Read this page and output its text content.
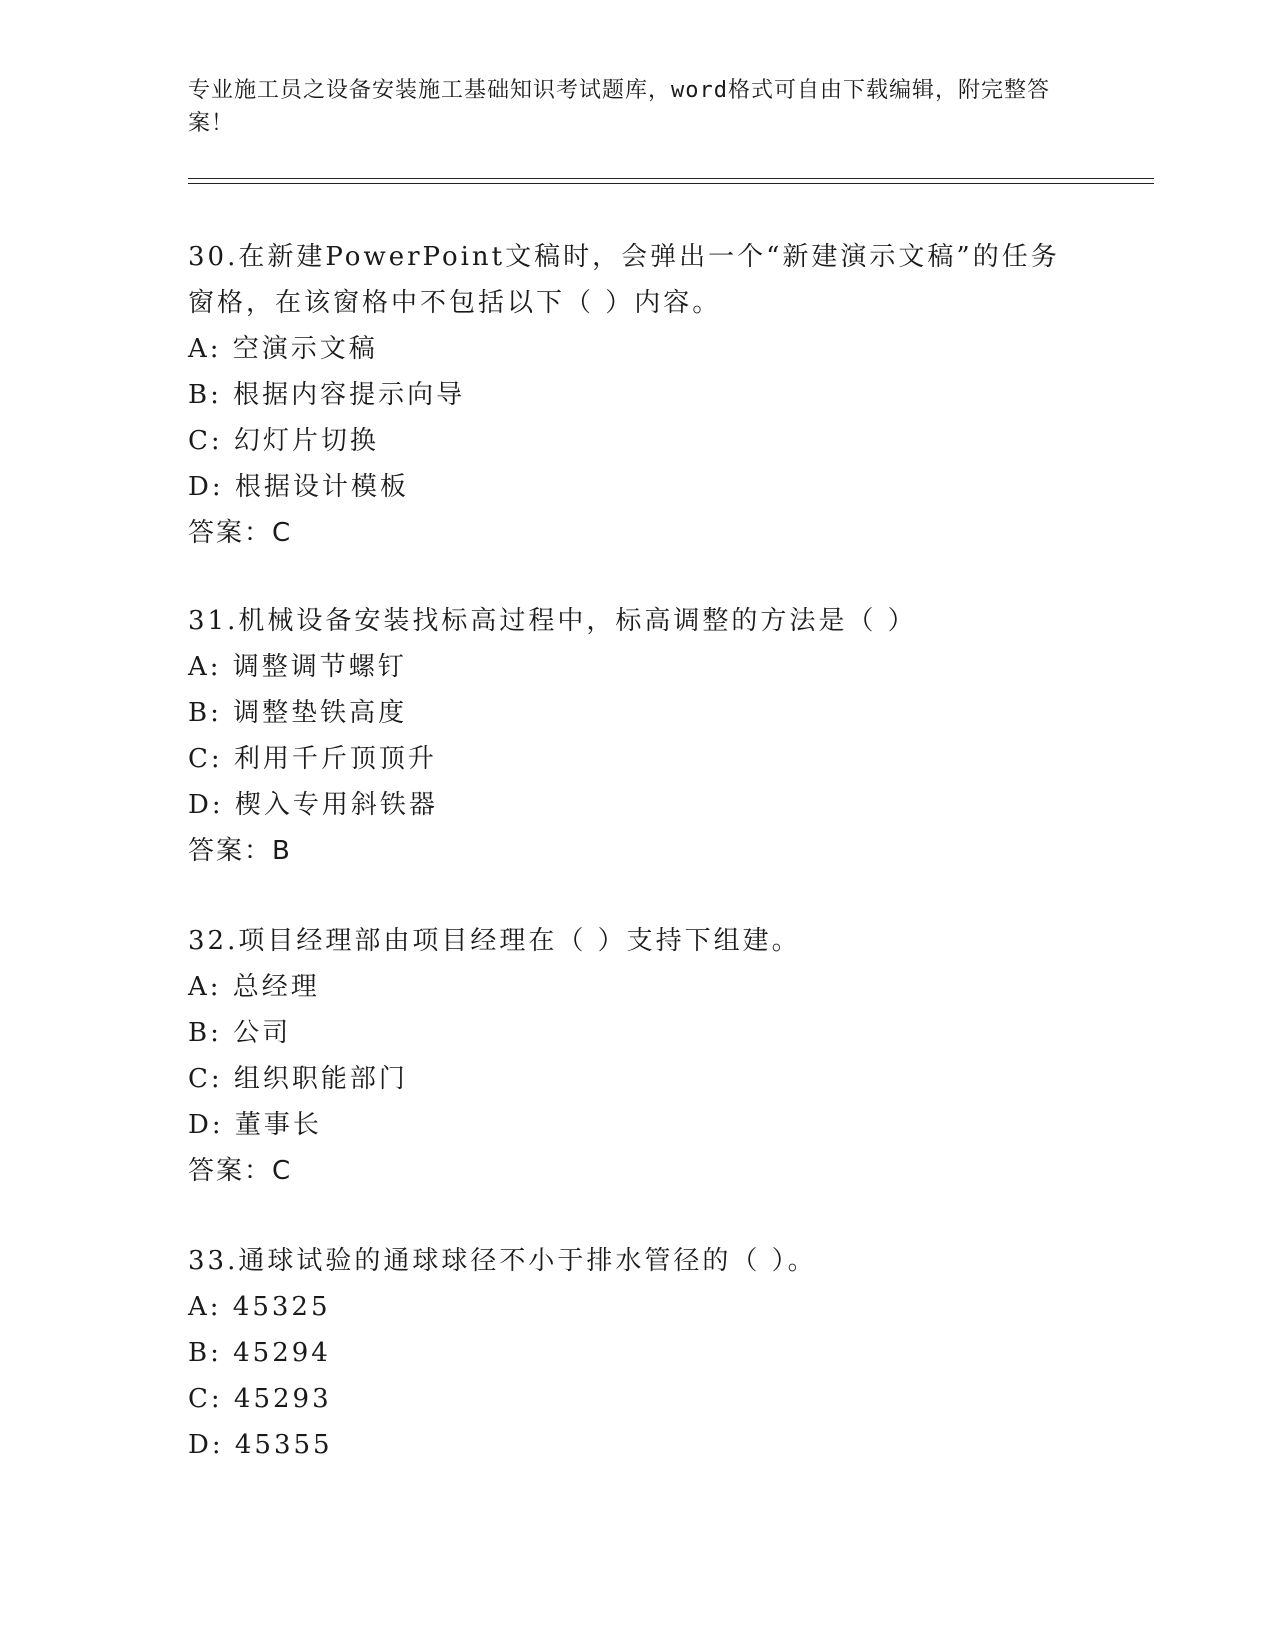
专业施工员之设备安装施工基础知识考试题库，word格式可自由下载编辑，附完整答案！

30.在新建PowerPoint文稿时，会弹出一个“新建演示文稿”的任务窗格，在该窗格中不包括以下（ ）内容。

A: 空演示文稿

B: 根据内容提示向导

C: 幻灯片切换

D: 根据设计模板

答案：C

31.机械设备安装找标高过程中，标高调整的方法是（ ）

A: 调整调节螺钉

B: 调整垫铁高度

C: 利用千斤顶顶升

D: 楔入专用斜铁器

答案：B

32.项目经理部由项目经理在（ ）支持下组建。

A: 总经理

B: 公司

C: 组织职能部门

D: 董事长

答案：C

33.通球试验的通球球径不小于排水管径的（ ）。

A: 45325

B: 45294

C: 45293

D: 45355
